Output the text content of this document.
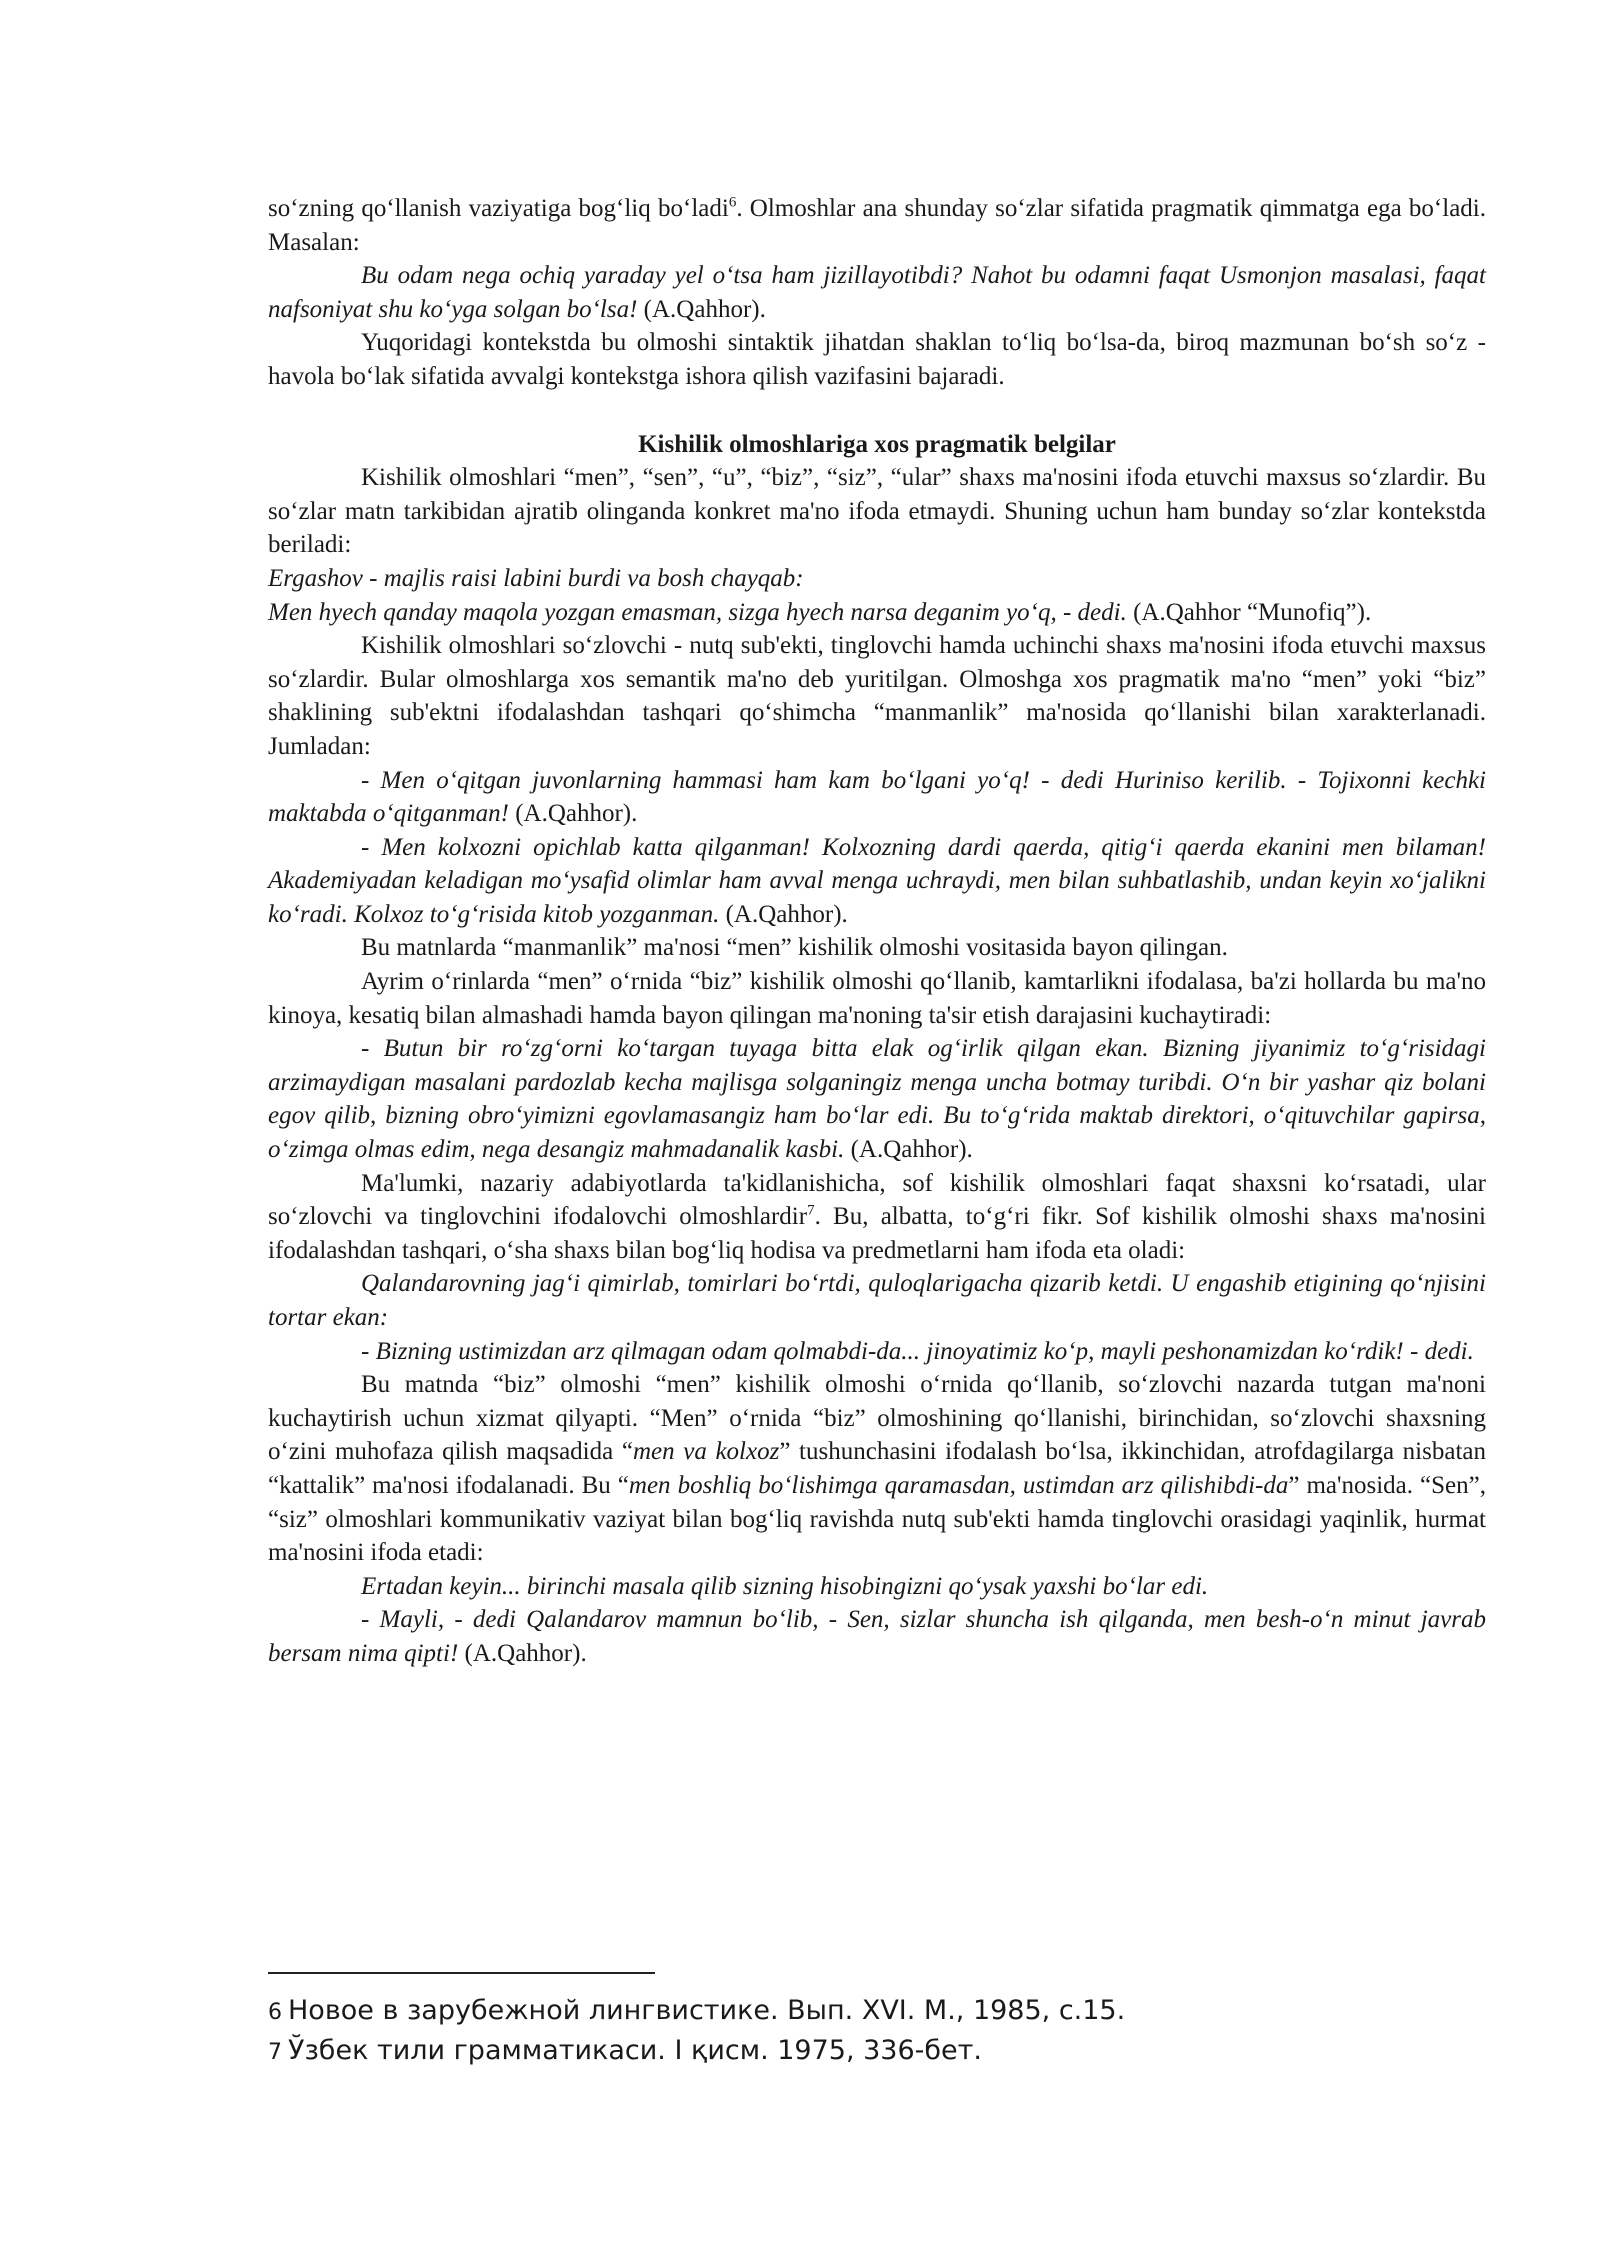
so‘zning qo‘llanish vaziyatiga bog‘liq bo‘ladi$^6$. Olmoshlar ana shunday so‘zlar sifatida pragmatik qimmatga ega bo‘ladi. Masalan:

Bu odam nega ochiq yaraday yel o‘tsa ham jizillayotibdi? Nahot bu odamni faqat Usmonjon masalasi, faqat nafsoniyat shu ko‘yga solgan bo‘lsa! (A.Qahhor).

Yuqoridagi kontekstda bu olmoshi sintaktik jihatdan shaklan to‘liq bo‘lsa-da, biroq mazmunan bo‘sh so‘z - havola bo‘lak sifatida avvalgi kontekstga ishora qilish vazifasini bajaradi.

Kishilik olmoshlariga xos pragmatik belgilar

Kishilik olmoshlari “men”, “sen”, “u”, “biz”, “siz”, “ular” shaxs ma'nosini ifoda etuvchi maxsus so‘zlardir. Bu so‘zlar matn tarkibidan ajratib olinganda konkret ma'no ifoda etmaydi. Shuning uchun ham bunday so‘zlar kontekstda beriladi:

Ergashov - majlis raisi labini burdi va bosh chayqab:

Men hyech qanday maqola yozgan emasman, sizga hyech narsa deganim yo‘q, - dedi. (A.Qahhor “Munofiq”).

Kishilik olmoshlari so‘zlovchi - nutq sub'ekti, tinglovchi hamda uchinchi shaxs ma'nosini ifoda etuvchi maxsus so‘zlardir. Bular olmoshlarga xos semantik ma'no deb yuritilgan. Olmoshga xos pragmatik ma'no “men” yoki “biz” shaklining sub'ektni ifodalashdan tashqari qo‘shimcha “manmanlik” ma'nosida qo‘llanishi bilan xarakterlanadi. Jumladan:

- Men o‘qitgan juvonlarning hammasi ham kam bo‘lgani yo‘q! - dedi Huriniso kerilib. - Tojixonni kechki maktabda o‘qitganman! (A.Qahhor).

- Men kolxozni opichlab katta qilganman! Kolxozning dardi qaerda, qitig‘i qaerda ekanini men bilaman! Akademiyadan keladigan mo‘ysafid olimlar ham avval menga uchraydi, men bilan suhbatlashib, undan keyin xo‘jalikni ko‘radi. Kolxoz to‘g‘risida kitob yozganman. (A.Qahhor).

Bu matnlarda “manmanlik” ma'nosi “men” kishilik olmoshi vositasida bayon qilingan.

Ayrim o‘rinlarda “men” o‘rnida “biz” kishilik olmoshi qo‘llanib, kamtarlikni ifodalasa, ba'zi hollarda bu ma'no kinoya, kesatiq bilan almashadi hamda bayon qilingan ma'noning ta'sir etish darajasini kuchaytiradi:

- Butun bir ro‘zg‘orni ko‘targan tuyaga bitta elak og‘irlik qilgan ekan. Bizning jiyanimiz to‘g‘risidagi arzimaydigan masalani pardozlab kecha majlisga solganingiz menga uncha botmay turibdi. O‘n bir yashar qiz bolani egov qilib, bizning obro‘yimizni egovlamasangiz ham bo‘lar edi. Bu to‘g‘rida maktab direktori, o‘qituvchilar gapirsa, o‘zimga olmas edim, nega desangiz mahmadanalik kasbi. (A.Qahhor).

Ma'lumki, nazariy adabiyotlarda ta'kidlanishicha, sof kishilik olmoshlari faqat shaxsni ko‘rsatadi, ular so‘zlovchi va tinglovchini ifodalovchi olmoshlardir$^7$. Bu, albatta, to‘g‘ri fikr. Sof kishilik olmoshi shaxs ma'nosini ifodalashdan tashqari, o‘sha shaxs bilan bog‘liq hodisa va predmetlarni ham ifoda eta oladi:

Qalandarovning jag‘i qimirlab, tomirlari bo‘rtdi, quloqlarigacha qizarib ketdi. U engashib etigining qo‘njisini tortar ekan:

- Bizning ustimizdan arz qilmagan odam qolmabdi-da... jinoyatimiz ko‘p, mayli peshonamizdan ko‘rdik! - dedi.

Bu matnda “biz” olmoshi “men” kishilik olmoshi o‘rnida qo‘llanib, so‘zlovchi nazarda tutgan ma'noni kuchaytirish uchun xizmat qilyapti. “Men” o‘rnida “biz” olmoshining qo‘llanishi, birinchidan, so‘zlovchi shaxsning o‘zini muhofaza qilish maqsadida “men va kolxoz” tushunchasini ifodalash bo‘lsa, ikkinchidan, atrofdagilarga nisbatan “kattalik” ma'nosi ifodalanadi. Bu “men boshliq bo‘lishimga qaramasdan, ustimdan arz qilishibdi-da” ma'nosida. “Sen”, “siz” olmoshlari kommunikativ vaziyat bilan bog‘liq ravishda nutq sub'ekti hamda tinglovchi orasidagi yaqinlik, hurmat ma'nosini ifoda etadi:

Ertadan keyin... birinchi masala qilib sizning hisobingizni qo‘ysak yaxshi bo‘lar edi.

- Mayli, - dedi Qalandarov mamnun bo‘lib, - Sen, sizlar shuncha ish qilganda, men besh-o‘n minut javrab bersam nima qipti! (A.Qahhor).

6 Новое в зарубежной лингвистике. Вып. XVI. М., 1985, с.15.

7 Ўзбек тили грамматикаси. I қисм. 1975, 336-бет.
